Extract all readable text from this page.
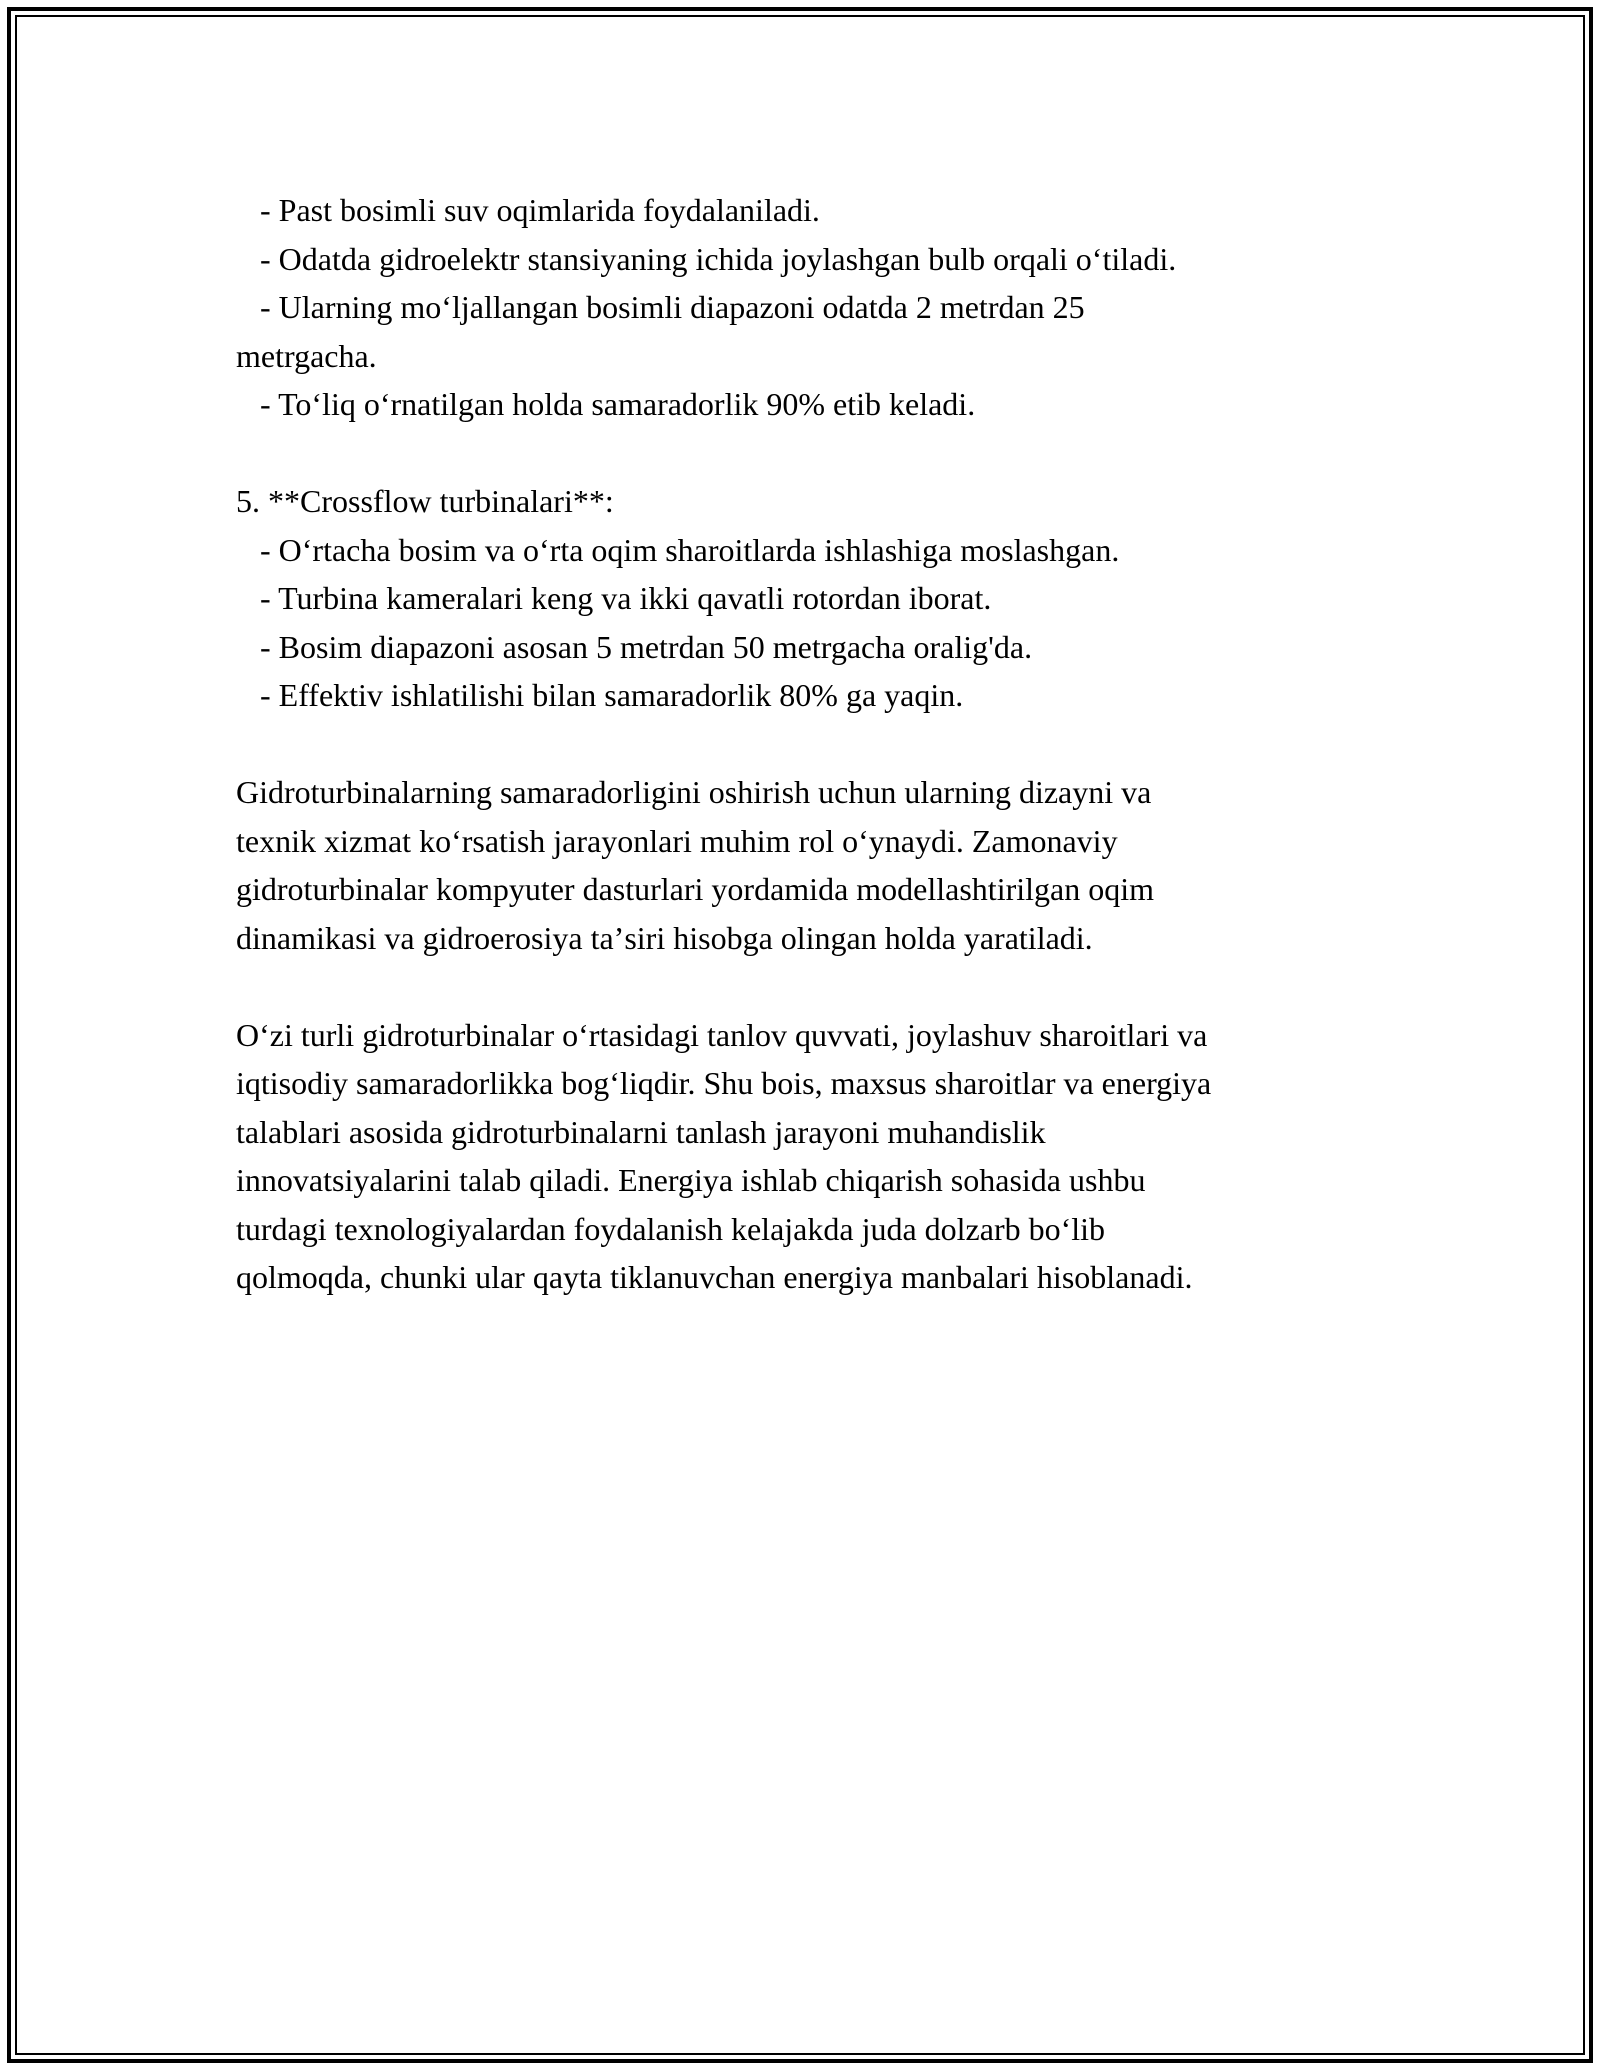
- Past bosimli suv oqimlarida foydalaniladi.
- Odatda gidroelektr stansiyaning ichida joylashgan bulb orqali oʻtiladi.
- Ularning moʻljallangan bosimli diapazoni odatda 2 metrdan 25
metrgacha.
- Toʻliq oʻrnatilgan holda samaradorlik 90% etib keladi.
5. **Crossflow turbinalari**:
- Oʻrtacha bosim va oʻrta oqim sharoitlarda ishlashiga moslashgan.
- Turbina kameralari keng va ikki qavatli rotordan iborat.
- Bosim diapazoni asosan 5 metrdan 50 metrgacha oralig'da.
- Effektiv ishlatilishi bilan samaradorlik 80% ga yaqin.
Gidroturbinalarning samaradorligini oshirish uchun ularning dizayni va
texnik xizmat koʻrsatish jarayonlari muhim rol oʻynaydi. Zamonaviy
gidroturbinalar kompyuter dasturlari yordamida modellashtirilgan oqim
dinamikasi va gidroerosiya taʼsiri hisobga olingan holda yaratiladi.
Oʻzi turli gidroturbinalar oʻrtasidagi tanlov quvvati, joylashuv sharoitlari va
iqtisodiy samaradorlikka bogʻliqdir. Shu bois, maxsus sharoitlar va energiya
talablari asosida gidroturbinalarni tanlash jarayoni muhandislik
innovatsiyalarini talab qiladi. Energiya ishlab chiqarish sohasida ushbu
turdagi texnologiyalardan foydalanish kelajakda juda dolzarb boʻlib
qolmoqda, chunki ular qayta tiklanuvchan energiya manbalari hisoblanadi.
